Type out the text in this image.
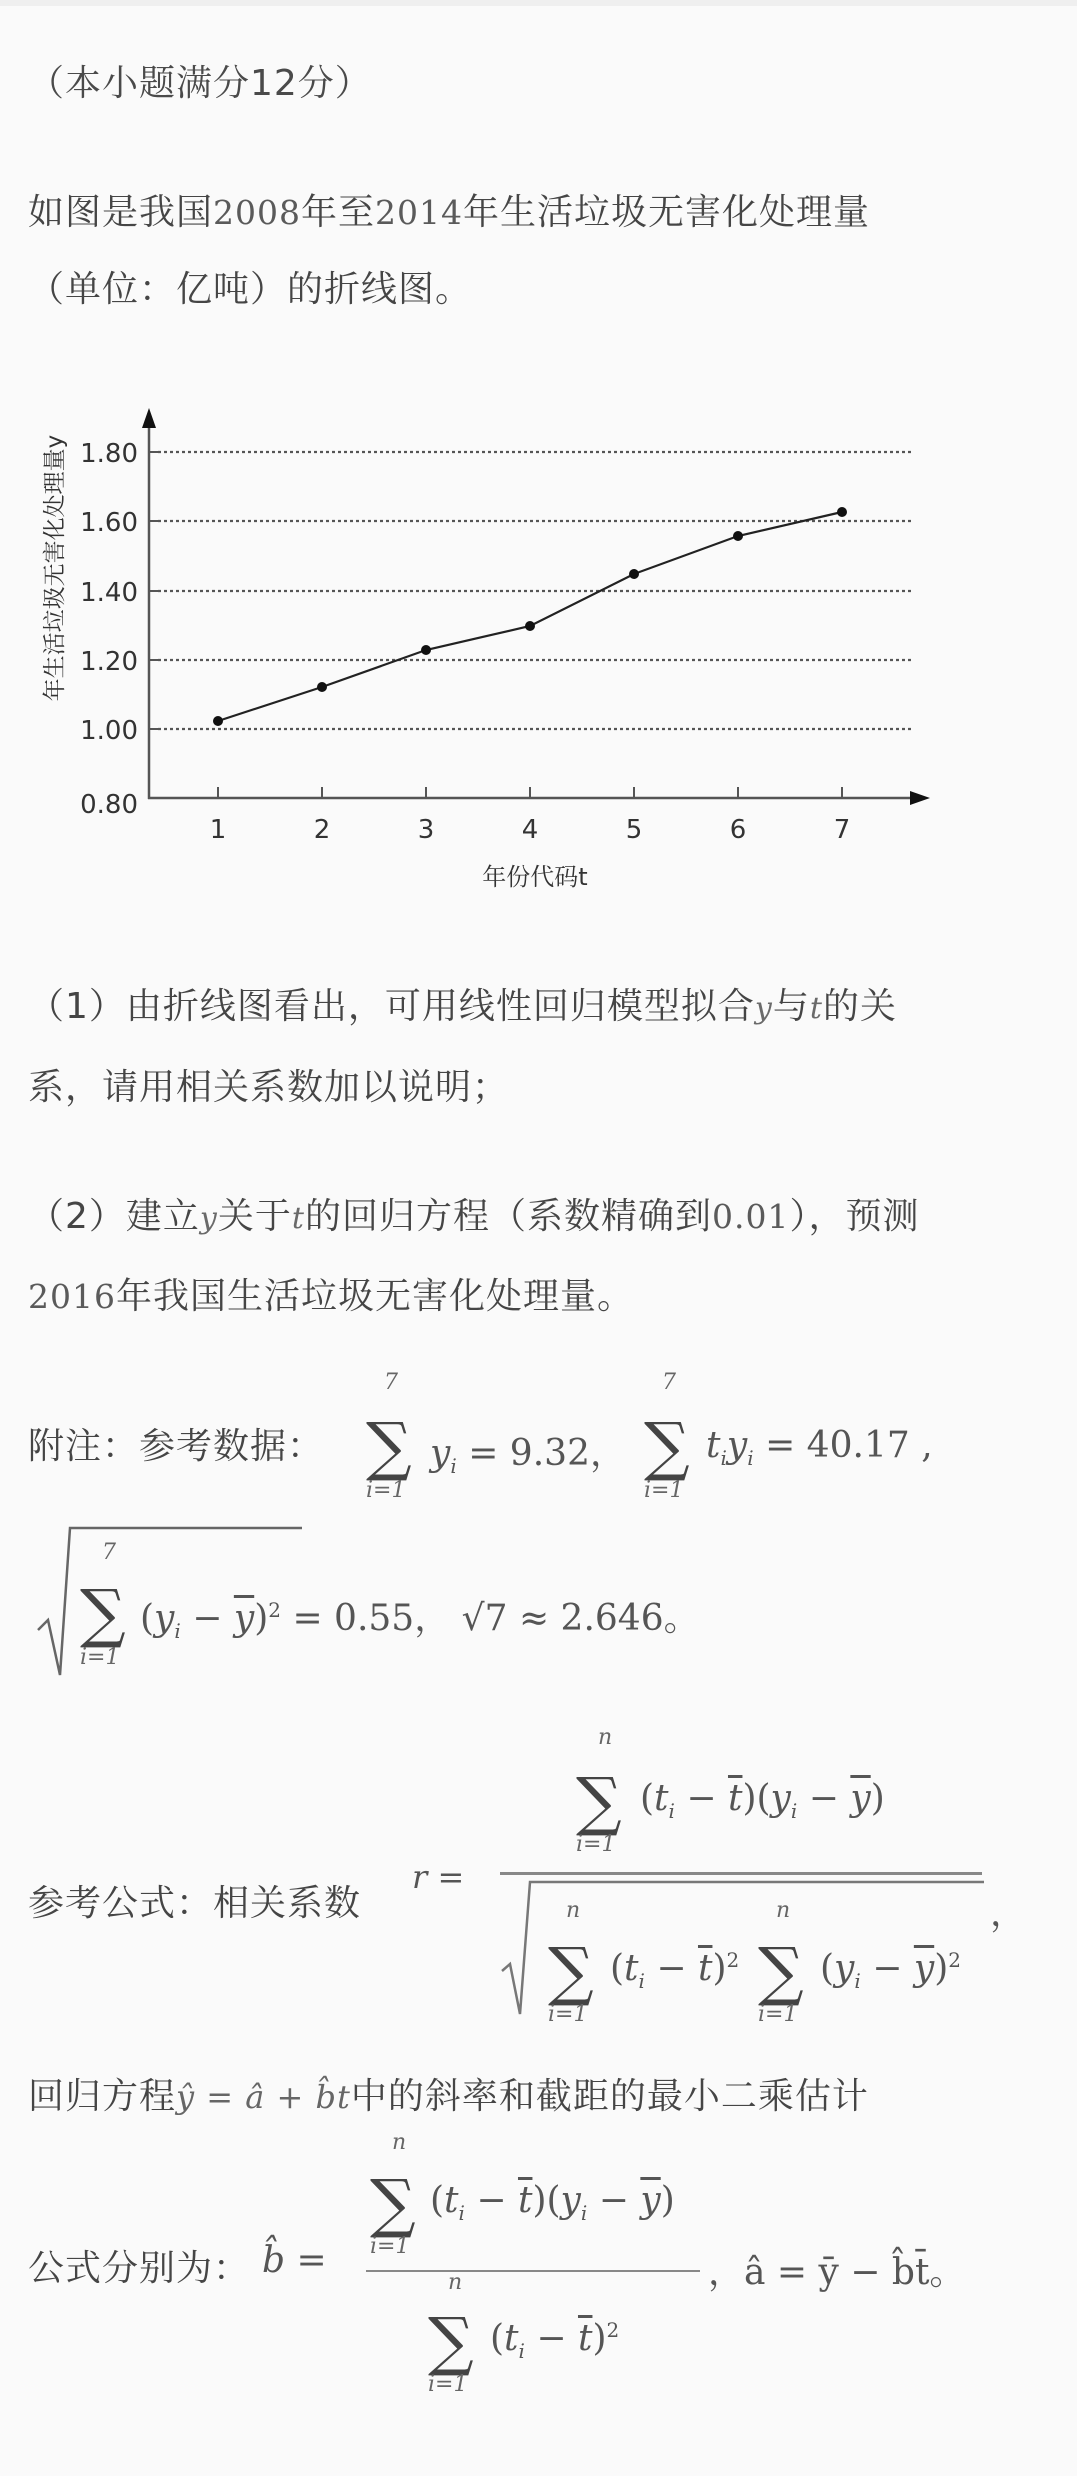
（本小题满分12分）
如图是我国2008年至2014年生活垃圾无害化处理量
（单位：亿吨）的折线图。
1.80
1.60
1.40
1.20
1.00
0.80
1	2	3	4	5	6	7
年份代码t
年生活垃圾无害化处理量y
（1）由折线图看出，可用线性回归模型拟合y与t的关
系，请用相关系数加以说明；
（2）建立y关于t的回归方程（系数精确到0.01），预测
2016年我国生活垃圾无害化处理量。
附注：参考数据：
7
∑
i=1
$y_i = 9.32$，
7
∑
i=1
$t_iy_i = 40.17$ ,
7
∑
i=1
$(y_i - \overline{y})^2 = 0.55$， √7 ≈ 2.646。
参考公式：相关系数
r =
n
∑
i=1
$(t_i - \overline{t})(y_i - \overline{y})$
n
∑
i=1
$(t_i - \overline{t})^2$
n
∑
i=1
$(y_i - \overline{y})^2$
，
回归方程ŷ = â + b̂t中的斜率和截距的最小二乘估计
公式分别为： b̂ =
n
∑
i=1
$(t_i - \overline{t})(y_i - \overline{y})$
n
∑
i=1
$(t_i - \overline{t})^2$
，â = ȳ − b̂t̄。
